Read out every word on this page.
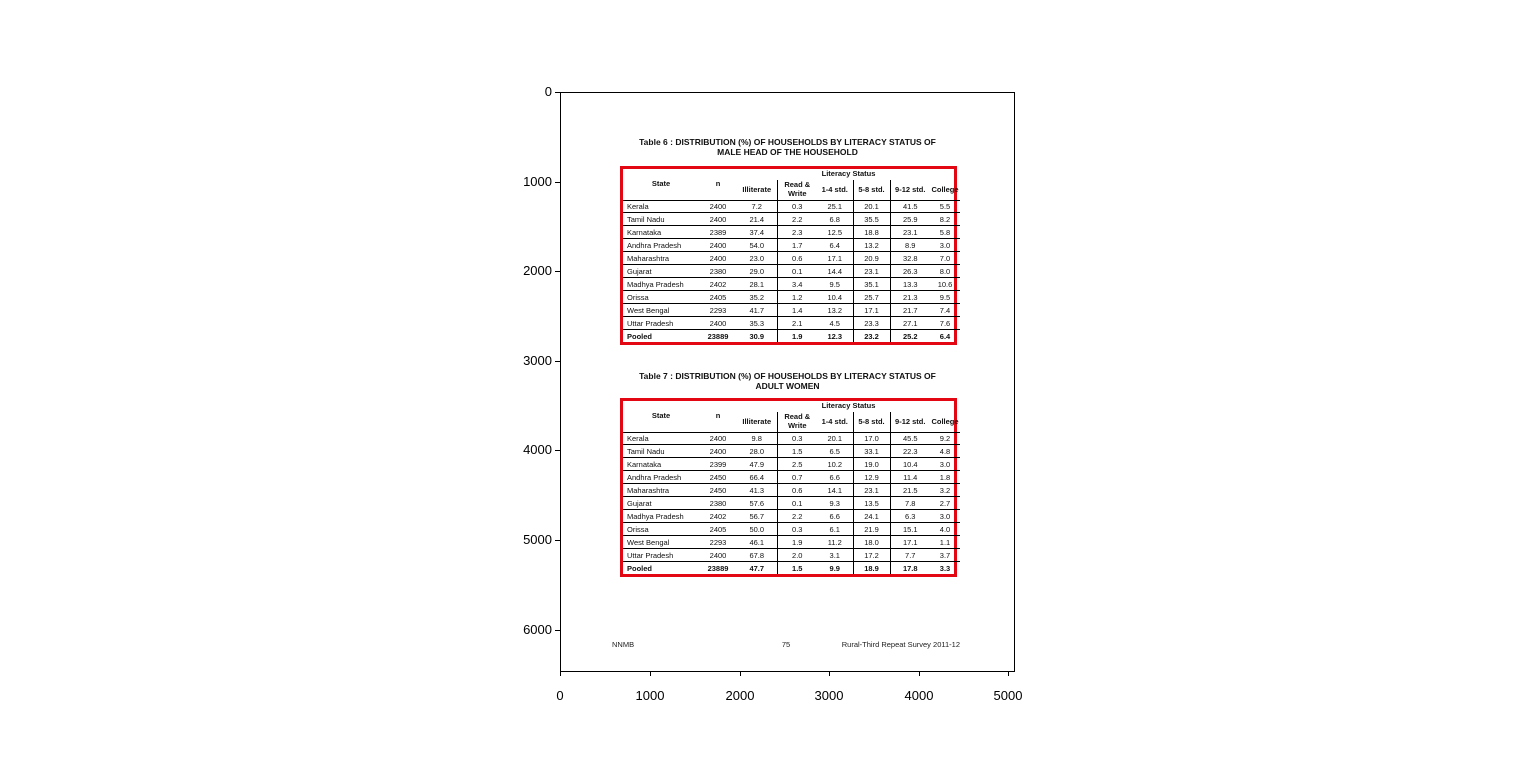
0
1000
2000
3000
4000
5000
6000
0	1000	2000	3000	4000	5000
Table 6 : DISTRIBUTION (%) OF HOUSEHOLDS BY LITERACY STATUS OF
MALE HEAD OF THE HOUSEHOLD
State	n	Literacy Status					
		Illiterate	Read & Write	1-4 std.	5-8 std.	9-12 std.	College
Kerala	2400	7.2	0.3	25.1	20.1	41.5	5.5
Tamil Nadu	2400	21.4	2.2	6.8	35.5	25.9	8.2
Karnataka	2389	37.4	2.3	12.5	18.8	23.1	5.8
Andhra Pradesh	2400	54.0	1.7	6.4	13.2	8.9	3.0
Maharashtra	2400	23.0	0.6	17.1	20.9	32.8	7.0
Gujarat	2380	29.0	0.1	14.4	23.1	26.3	8.0
Madhya Pradesh	2402	28.1	3.4	9.5	35.1	13.3	10.6
Orissa	2405	35.2	1.2	10.4	25.7	21.3	9.5
West Bengal	2293	41.7	1.4	13.2	17.1	21.7	7.4
Uttar Pradesh	2400	35.3	2.1	4.5	23.3	27.1	7.6
Pooled	23889	30.9	1.9	12.3	23.2	25.2	6.4
Table 7 : DISTRIBUTION (%) OF HOUSEHOLDS BY LITERACY STATUS OF
ADULT WOMEN
State	n	Literacy Status					
		Illiterate	Read & Write	1-4 std.	5-8 std.	9-12 std.	College
Kerala	2400	9.8	0.3	20.1	17.0	45.5	9.2
Tamil Nadu	2400	28.0	1.5	6.5	33.1	22.3	4.8
Karnataka	2399	47.9	2.5	10.2	19.0	10.4	3.0
Andhra Pradesh	2450	66.4	0.7	6.6	12.9	11.4	1.8
Maharashtra	2450	41.3	0.6	14.1	23.1	21.5	3.2
Gujarat	2380	57.6	0.1	9.3	13.5	7.8	2.7
Madhya Pradesh	2402	56.7	2.2	6.6	24.1	6.3	3.0
Orissa	2405	50.0	0.3	6.1	21.9	15.1	4.0
West Bengal	2293	46.1	1.9	11.2	18.0	17.1	1.1
Uttar Pradesh	2400	67.8	2.0	3.1	17.2	7.7	3.7
Pooled	23889	47.7	1.5	9.9	18.9	17.8	3.3
NNMB	75	Rural-Third Repeat Survey 2011-12
